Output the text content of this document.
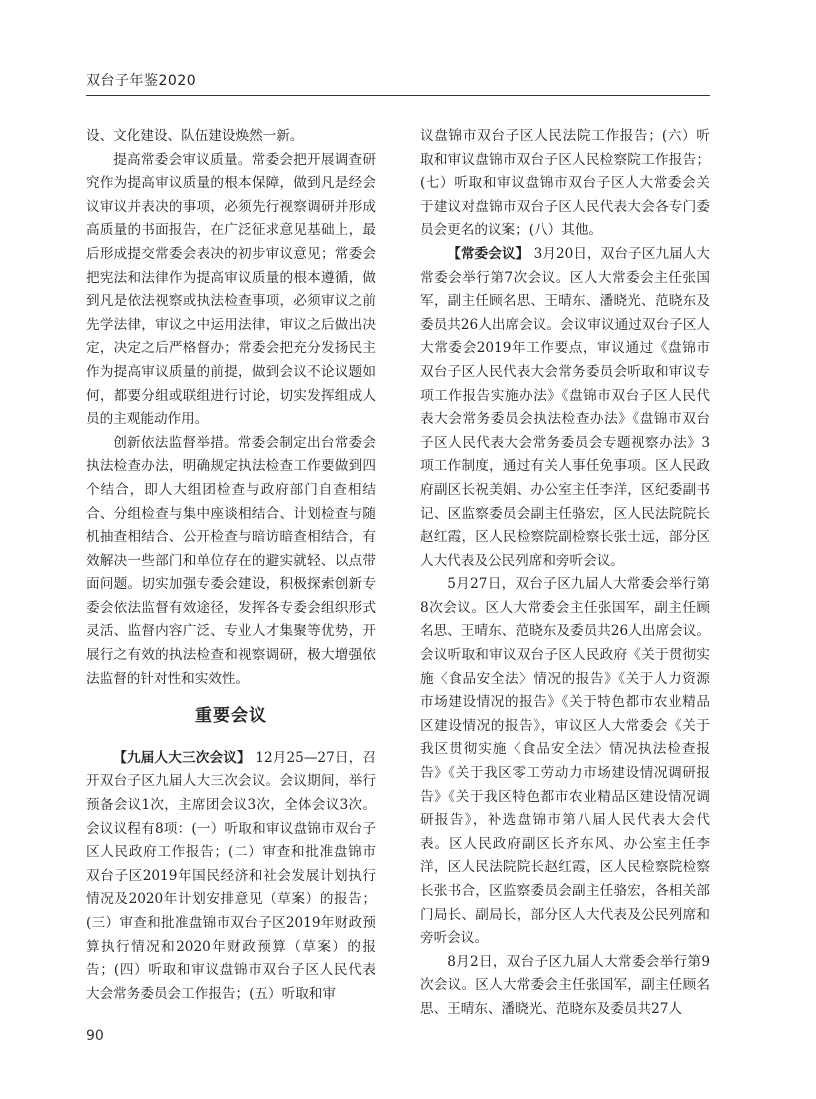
双台子年鉴2020

设、文化建设、队伍建设焕然一新。

提高常委会审议质量。常委会把开展调查研究作为提高审议质量的根本保障，做到凡是经会议审议并表决的事项，必须先行视察调研并形成高质量的书面报告，在广泛征求意见基础上，最后形成提交常委会表决的初步审议意见；常委会把宪法和法律作为提高审议质量的根本遵循，做到凡是依法视察或执法检查事项，必须审议之前先学法律，审议之中运用法律，审议之后做出决定，决定之后严格督办；常委会把充分发扬民主作为提高审议质量的前提，做到会议不论议题如何，都要分组或联组进行讨论，切实发挥组成人员的主观能动作用。

创新依法监督举措。常委会制定出台常委会执法检查办法，明确规定执法检查工作要做到四个结合，即人大组团检查与政府部门自查相结合、分组检查与集中座谈相结合、计划检查与随机抽查相结合、公开检查与暗访暗查相结合，有效解决一些部门和单位存在的避实就轻、以点带面问题。切实加强专委会建设，积极探索创新专委会依法监督有效途径，发挥各专委会组织形式灵活、监督内容广泛、专业人才集聚等优势，开展行之有效的执法检查和视察调研，极大增强依法监督的针对性和实效性。

重要会议

【九届人大三次会议】 12月25—27日，召开双台子区九届人大三次会议。会议期间，举行预备会议1次，主席团会议3次，全体会议3次。会议议程有8项：(一）听取和审议盘锦市双台子区人民政府工作报告；(二）审查和批准盘锦市双台子区2019年国民经济和社会发展计划执行情况及2020年计划安排意见（草案）的报告；(三）审查和批准盘锦市双台子区2019年财政预算执行情况和2020年财政预算（草案）的报告；(四）听取和审议盘锦市双台子区人民代表大会常务委员会工作报告；(五）听取和审

议盘锦市双台子区人民法院工作报告；(六）听取和审议盘锦市双台子区人民检察院工作报告；(七）听取和审议盘锦市双台子区人大常委会关于建议对盘锦市双台子区人民代表大会各专门委员会更名的议案；(八）其他。

【常委会议】 3月20日，双台子区九届人大常委会举行第7次会议。区人大常委会主任张国军，副主任顾名思、王晴东、潘晓光、范晓东及委员共26人出席会议。会议审议通过双台子区人大常委会2019年工作要点，审议通过《盘锦市双台子区人民代表大会常务委员会听取和审议专项工作报告实施办法》《盘锦市双台子区人民代表大会常务委员会执法检查办法》《盘锦市双台子区人民代表大会常务委员会专题视察办法》3项工作制度，通过有关人事任免事项。区人民政府副区长祝美娟、办公室主任李洋，区纪委副书记、区监察委员会副主任骆宏，区人民法院院长赵红霞，区人民检察院副检察长张士远，部分区人大代表及公民列席和旁听会议。

5月27日，双台子区九届人大常委会举行第8次会议。区人大常委会主任张国军，副主任顾名思、王晴东、范晓东及委员共26人出席会议。会议听取和审议双台子区人民政府《关于贯彻实施〈食品安全法〉情况的报告》《关于人力资源市场建设情况的报告》《关于特色都市农业精品区建设情况的报告》，审议区人大常委会《关于我区贯彻实施〈食品安全法〉情况执法检查报告》《关于我区零工劳动力市场建设情况调研报告》《关于我区特色都市农业精品区建设情况调研报告》，补选盘锦市第八届人民代表大会代表。区人民政府副区长齐东风、办公室主任李洋，区人民法院院长赵红霞，区人民检察院检察长张书合，区监察委员会副主任骆宏，各相关部门局长、副局长，部分区人大代表及公民列席和旁听会议。

8月2日，双台子区九届人大常委会举行第9次会议。区人大常委会主任张国军，副主任顾名思、王晴东、潘晓光、范晓东及委员共27人

90
